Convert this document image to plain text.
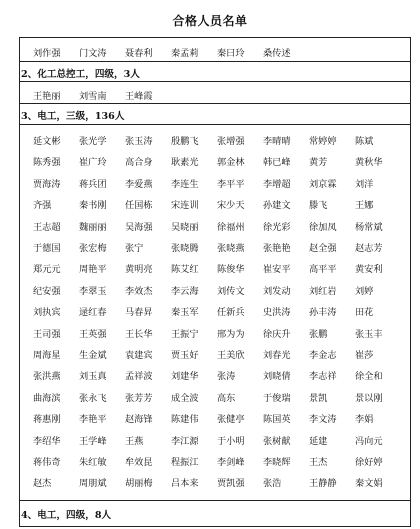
合格人员名单
刘作强	门文涛	聂春利	秦孟莉	秦曰玲	桑传述
2、化工总控工，四级，3人
王艳丽	刘雪南	王峰霞
3、电工，三级，136人
延文彬	张光学	张玉涛	殷鹏飞	张增强	李晴晴	常婷婷	陈斌
陈秀强	崔广玲	高合身	耿素光	郭金林	韩已峰	黄芳	黄秋华
贾海涛	蒋兵团	李爱燕	李连生	李平平	李增超	刘京霖	刘洋
齐强	秦书刚	任国栋	宋连训	宋少天	孙建文	滕飞	王娜
王志超	魏丽丽	吴海强	吴晓丽	徐福州	徐光彩	徐加凤	杨常斌
于德国	张宏梅	张宁	张晓腾	张晓燕	张艳艳	赵全强	赵志芳
郑元元	周艳平	黄明亮	陈艾红	陈俊华	崔安平	高平平	黄安利
纪安强	李翠玉	李效杰	李云海	刘传文	刘发动	刘红岩	刘婷
刘执宾	逯红春	马春昇	秦玉军	任新兵	史洪涛	孙丰涛	田花
王司强	王英强	王长华	王振宁	邢为为	徐庆升	张鹏	张玉丰
周海星	生金斌	袁建宾	贾玉好	王美欣	刘春光	李金志	崔莎
张洪燕	刘玉真	孟祥波	刘建华	张涛	刘晓倩	李志祥	徐全和
曲海滨	张永飞	张芳芳	成全波	高东	于俊瑞	景凯	景以刚
蒋惠刚	李艳平	赵海锋	陈建伟	张健亭	陈国英	李文涛	李娟
李绍华	王学峰	王燕	李江源	于小明	张树献	延建	冯向元
蒋伟奇	朱红敏	牟效昆	程振江	李剑峰	李晓辉	王杰	徐好婷
赵杰	周朋斌	胡丽梅	吕本来	贾凯强	张浩	王静静	秦文娟
4、电工，四级，8人
